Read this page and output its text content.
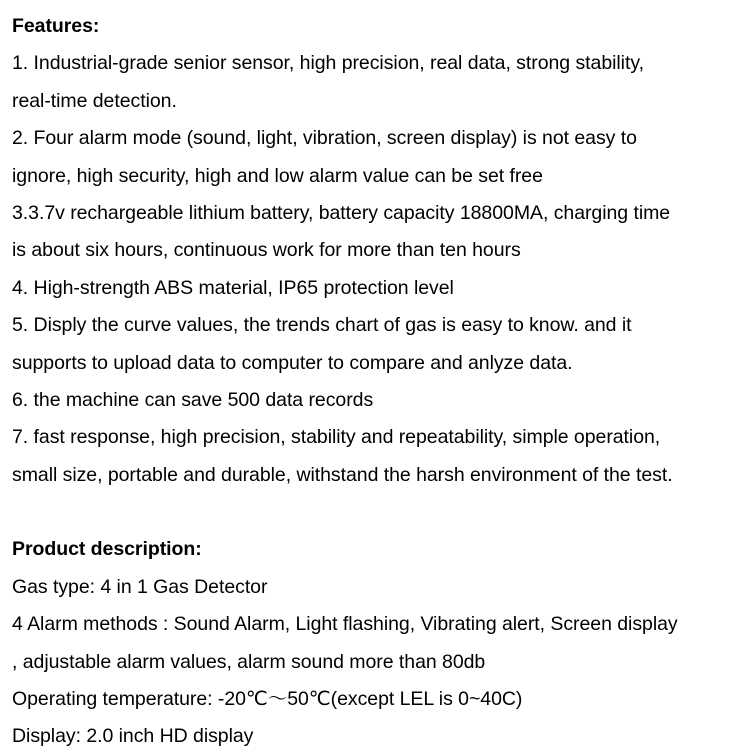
Features:
1. Industrial-grade senior sensor, high precision, real data, strong stability,
real-time detection.
2. Four alarm mode (sound, light, vibration, screen display) is not easy to
ignore, high security, high and low alarm value can be set free
3.3.7v rechargeable lithium battery, battery capacity 18800MA, charging time
is about six hours, continuous work for more than ten hours
4. High-strength ABS material, IP65 protection level
5. Disply the curve values, the trends chart of gas is easy to know. and it
supports to upload data to computer to compare and anlyze data.
6. the machine can save 500 data records
7. fast response, high precision, stability and repeatability, simple operation,
small size, portable and durable, withstand the harsh environment of the test.
Product description:
Gas type: 4 in 1 Gas Detector
4 Alarm methods : Sound Alarm, Light flashing, Vibrating alert, Screen display
, adjustable alarm values, alarm sound more than 80db
Operating temperature: -20℃～50℃(except LEL is 0~40C)
Display: 2.0 inch HD display
